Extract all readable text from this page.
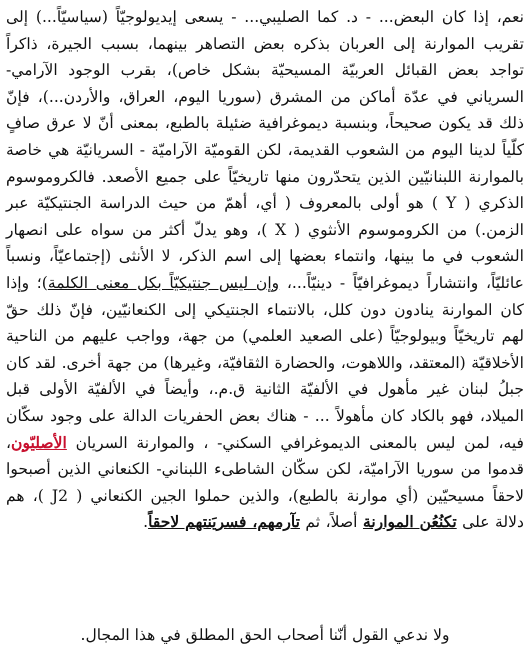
نعم، إذا كان البعض... - د. كما الصليبي... - يسعى إيديولوجيّاً (سياسيّاً...) إلى تقريب الموارنة إلى العربان بذكره بعض التصاهر بينهما، بسبب الجيرة، ذاكراً تواجد بعض القبائل العربيّة المسيحيّة بشكل خاص)، بقرب الوجود الآرامي- السرياني في عدّة أماكن من المشرق (سوريا اليوم، العراق، والأردن...)، فإنّ ذلك قد يكون صحيحاً، وبنسبة ديموغرافية ضئيلة بالطبع، بمعنى أنّ لا عرق صافٍ كلّياً لدينا اليوم من الشعوب القديمة، لكن القوميّة الآراميّة - السريانيّة هي خاصة بالموارنة اللبنانيّين الذين يتحدّرون منها تاريخيّاً على جميع الأصعد. فالكروموسوم الذكري ( Y ) هو أولى بالمعروف ( أي، أهمّ من حيث الدراسة الجنتيكيّة عبر الزمن.) من الكروموسوم الأنثوي ( X )، وهو يدلّ أكثر من سواه على انصهار الشعوب في ما بينها، وانتماء بعضها إلى اسم الذكر، لا الأنثى (إجتماعيّاً، ونسباً عائليّاً، وانتشاراً ديموغرافيّاً - دينيّاً...، وإن ليس جنتيكيّاً بكل معنى الكلمة)؛ وإذا كان الموارنة ينادون دون كلل، بالانتماء الجنتيكي إلى الكنعانيّين، فإنّ ذلك حقّ لهم تاريخيّاً وبيولوجيّاً (على الصعيد العلمي) من جهة، وواجب عليهم من الناحية الأخلاقيّة (المعتقد، واللاهوت، والحضارة الثقافيّة، وغيرها) من جهة أخرى. لقد كان جبلُ لبنان غير مأهول في الألفيّة الثانية ق.م.، وأيضاً في الألفيّة الأولى قبل الميلاد، فهو بالكاد كان مأهولاً ... - هناك بعض الحفريات الدالة على وجود سكّان فيه، لمن ليس بالمعنى الديموغرافي السكني- ، والموارنة السريان الأصليّون، قدموا من سوريا الآراميّة، لكن سكّان الشاطىء اللبناني- الكنعاني الذين أصبحوا لاحقاً مسيحيّين (أي موارنة بالطبع)، والذين حملوا الجين الكنعاني ( J2 )، هم دلالة على تكنُعُن الموارنة أصلاً، ثم تآرمهم، فسريَنتهم لاحقاً.

ولا ندعي القول أنّنا أصحاب الحق المطلق في هذا المجال.
